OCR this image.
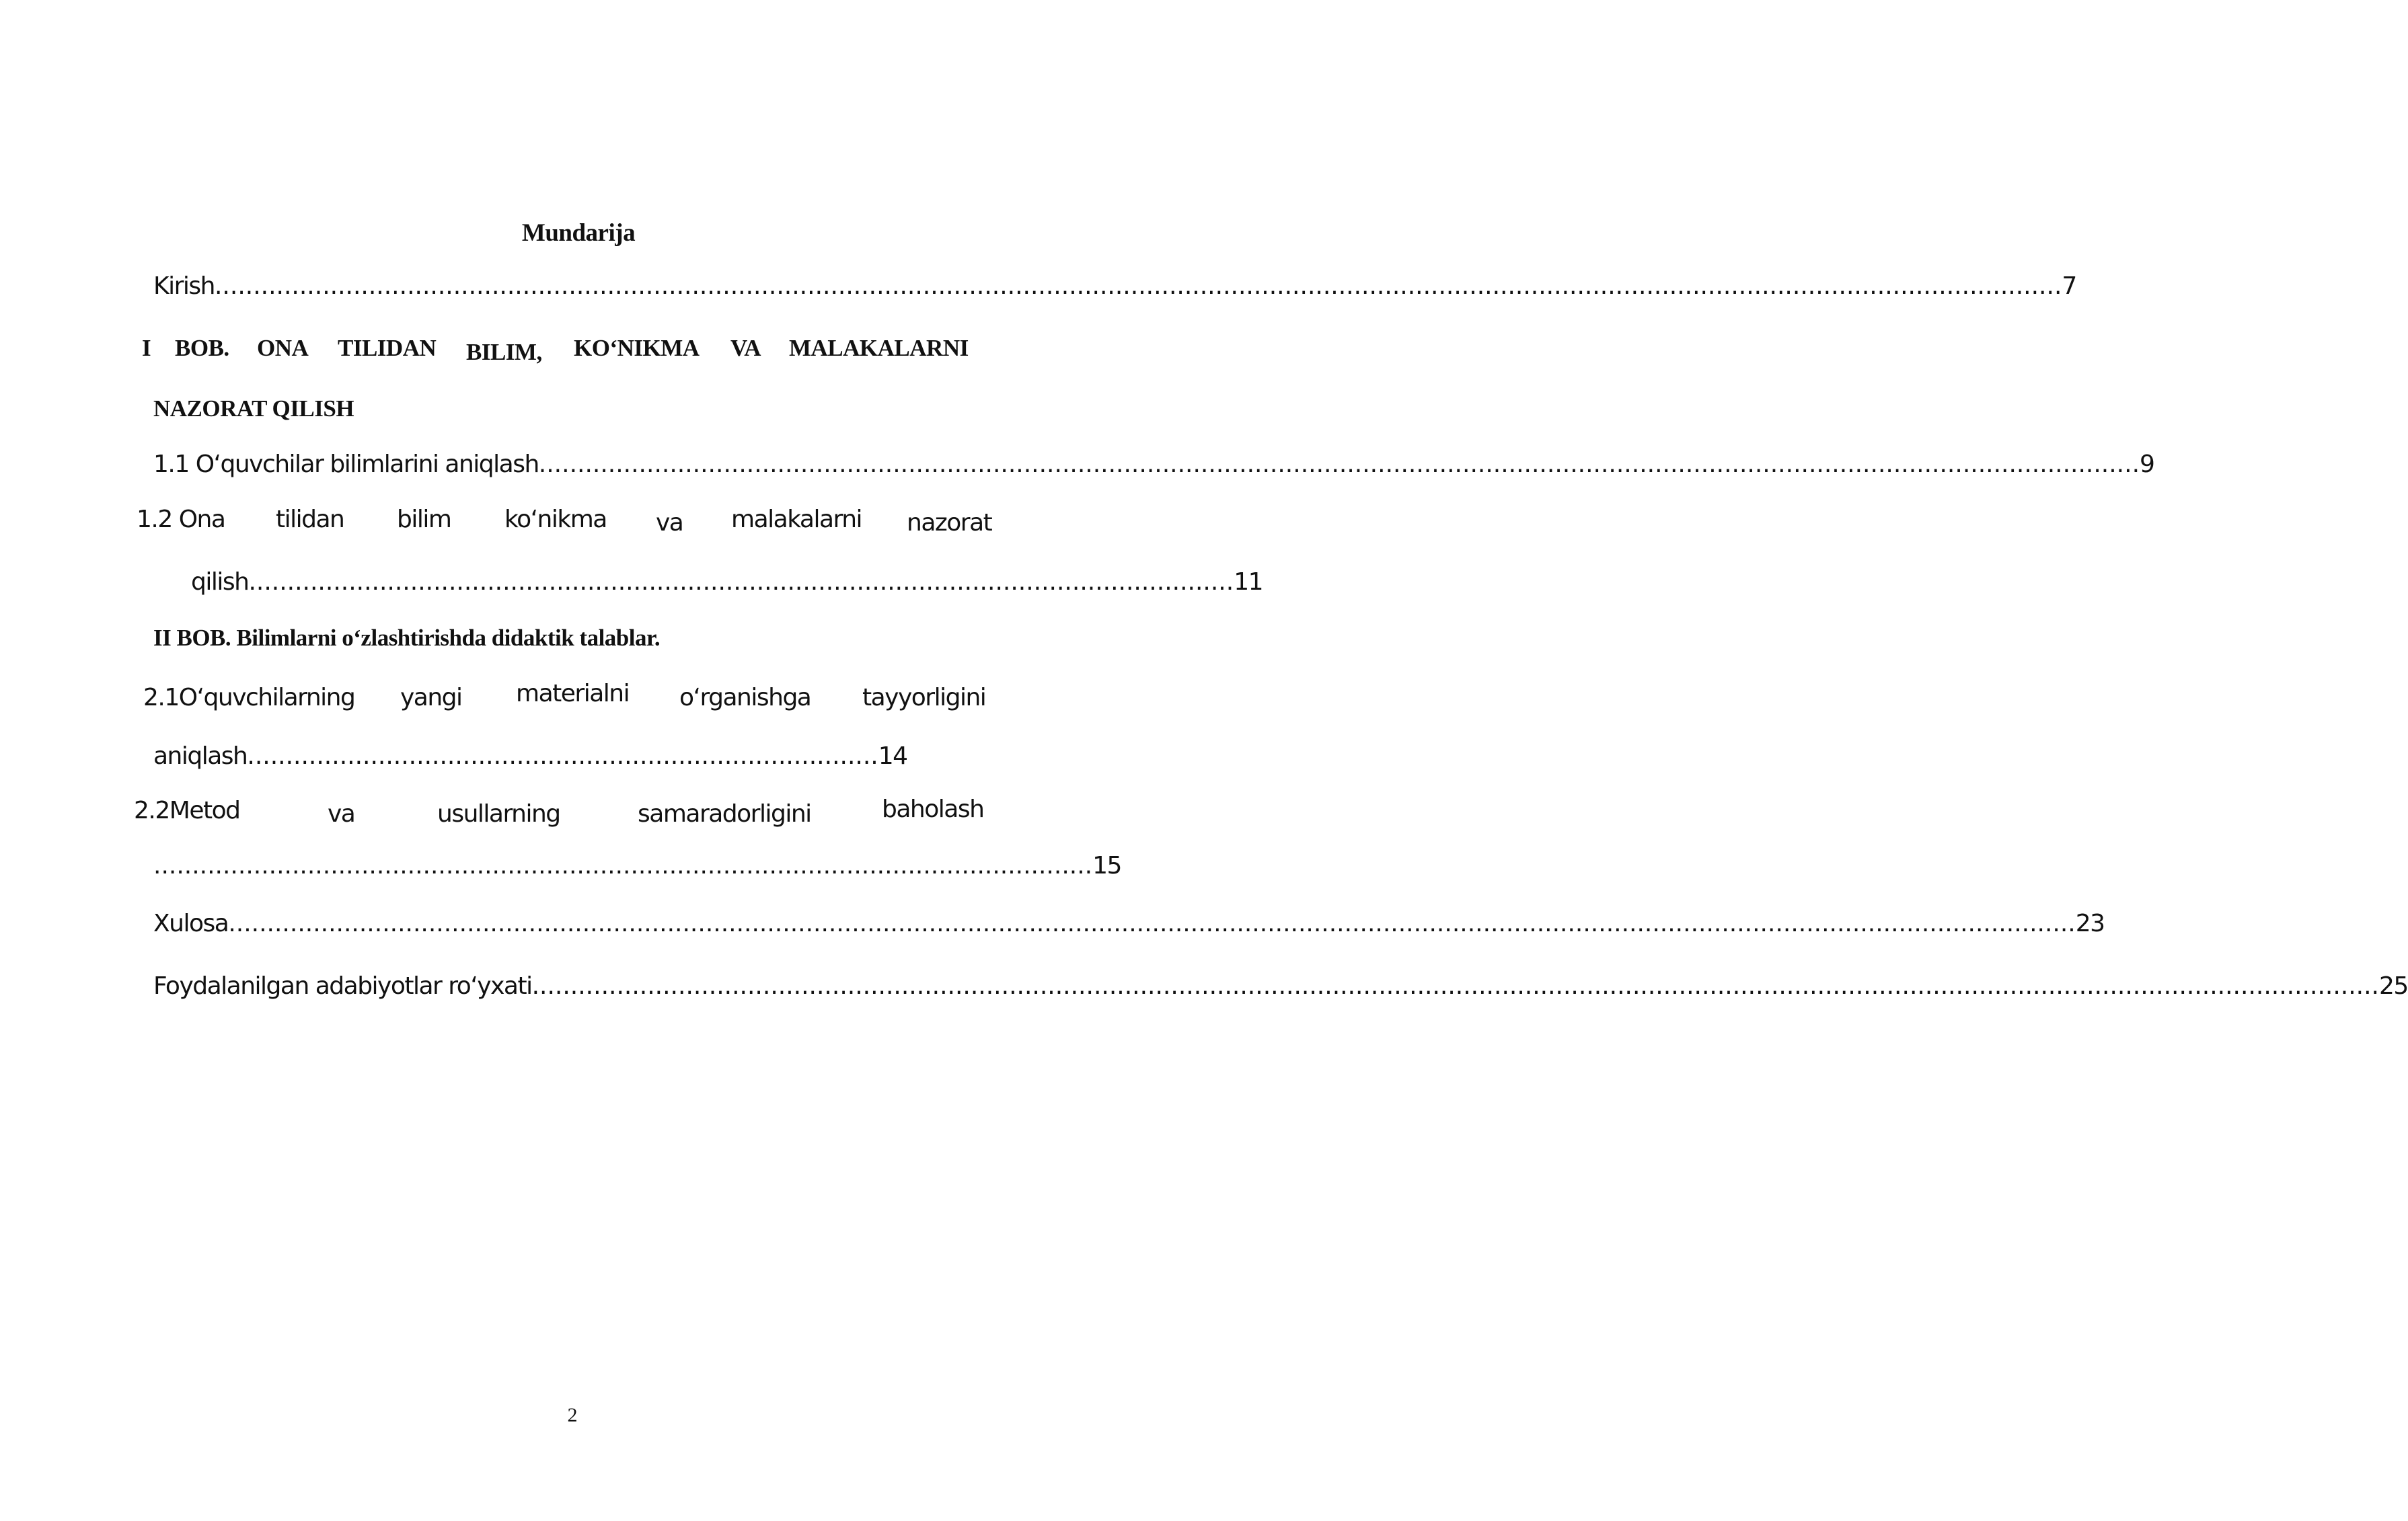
Mundarija
Kirish ................................................................................................................................................................................................................................................ 7
I BOB. ONA TILIDAN BILIM, KO‘NIKMA VA MALAKALARNI
NAZORAT QILISH
1.1 O‘quvchilar bilimlarini aniqlash ................................................................................................................................................................................................................ 9
1.2 Ona tilidan bilim ko‘nikma va malakalarni nazorat
qilish ................................................................................................................................ 11
II BOB. Bilimlarni o‘zlashtirishda didaktik talablar.
2.1O‘quvchilarning yangi materialni o‘rganishga tayyorligini
aniqlash .................................................................................. 14
2.2Metod	va	usullarning	samaradorligini	baholash
.......................................................................................................................... 15
Xulosa ................................................................................................................................................................................................................................................ 23
Foydalanilgan adabiyotlar ro‘yxati ................................................................................................................................................................................................................................................ 25
2
